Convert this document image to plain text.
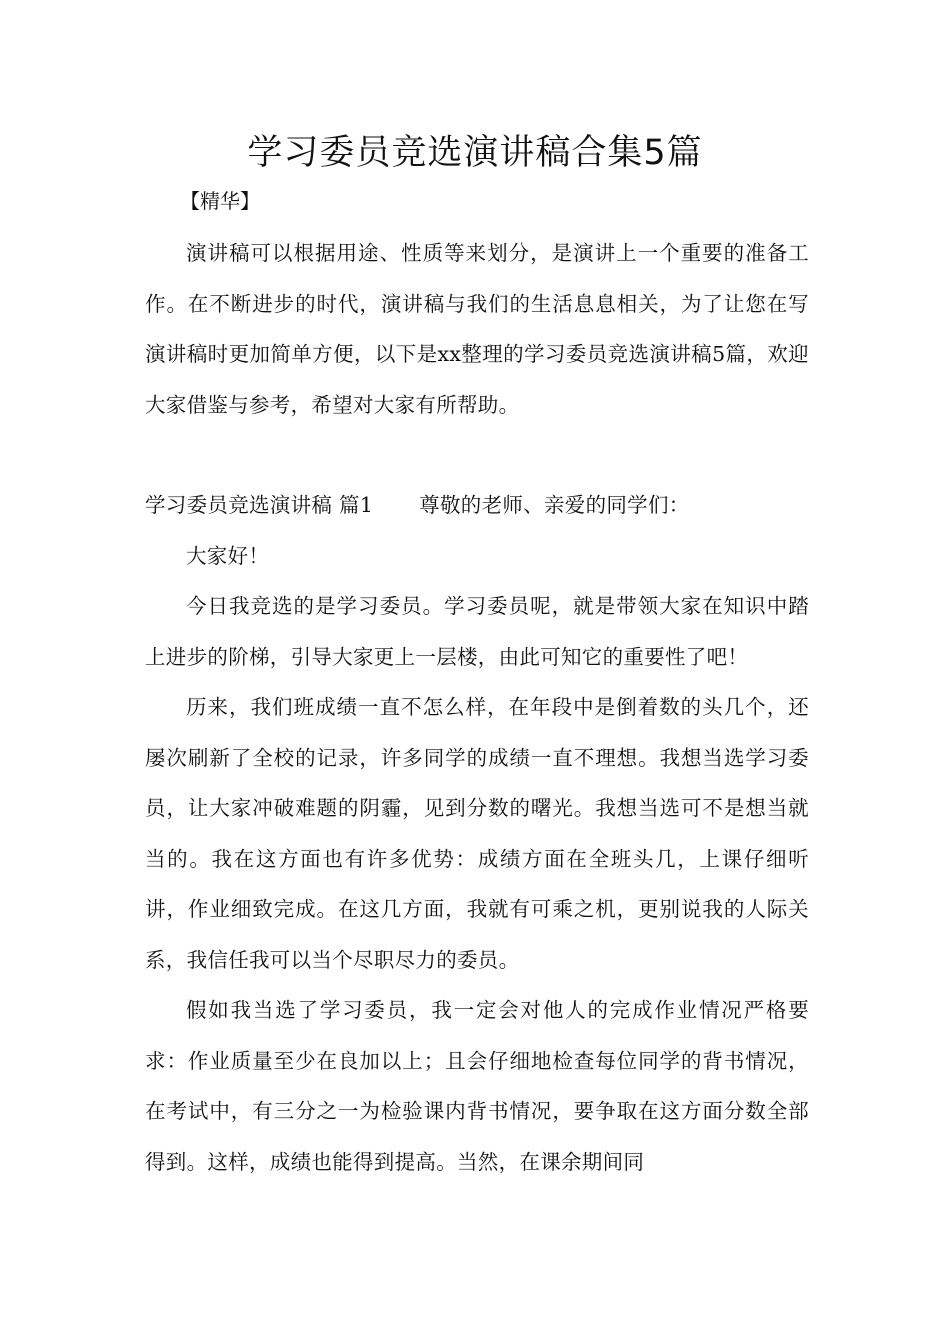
学习委员竞选演讲稿合集5篇

【精华】

演讲稿可以根据用途、性质等来划分，是演讲上一个重要的准备工作。在不断进步的时代，演讲稿与我们的生活息息相关，为了让您在写演讲稿时更加简单方便，以下是xx整理的学习委员竞选演讲稿5篇，欢迎大家借鉴与参考，希望对大家有所帮助。

学习委员竞选演讲稿 篇1 尊敬的老师、亲爱的同学们：

大家好！

今日我竞选的是学习委员。学习委员呢，就是带领大家在知识中踏上进步的阶梯，引导大家更上一层楼，由此可知它的重要性了吧！

历来，我们班成绩一直不怎么样，在年段中是倒着数的头几个，还屡次刷新了全校的记录，许多同学的成绩一直不理想。我想当选学习委员，让大家冲破难题的阴霾，见到分数的曙光。我想当选可不是想当就当的。我在这方面也有许多优势：成绩方面在全班头几，上课仔细听讲，作业细致完成。在这几方面，我就有可乘之机，更别说我的人际关系，我信任我可以当个尽职尽力的委员。

假如我当选了学习委员，我一定会对他人的完成作业情况严格要求：作业质量至少在良加以上；且会仔细地检查每位同学的背书情况，在考试中，有三分之一为检验课内背书情况，要争取在这方面分数全部得到。这样，成绩也能得到提高。当然，在课余期间同
